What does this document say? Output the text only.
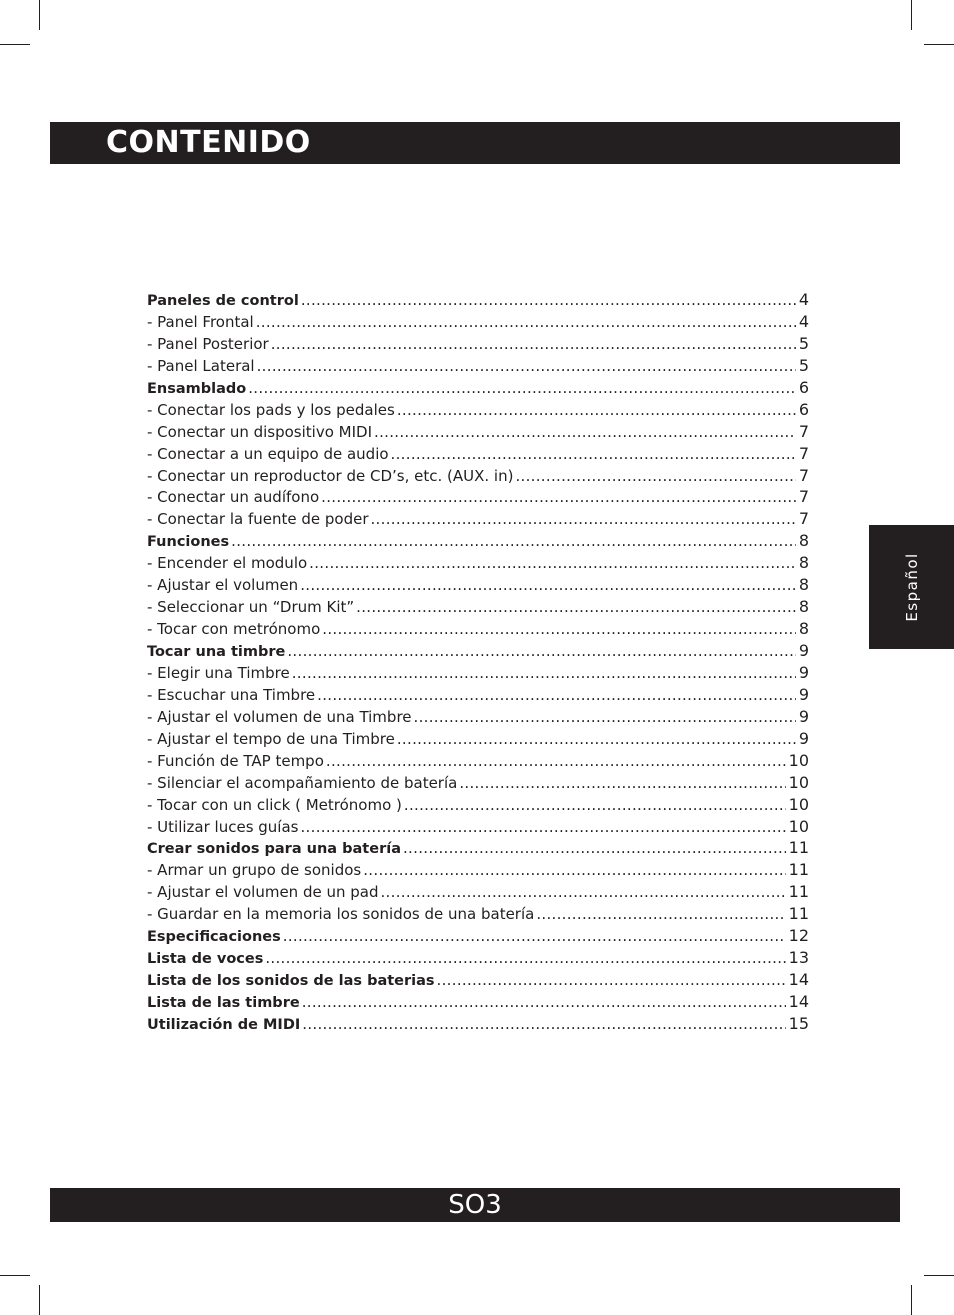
CONTENIDO
Español
Paneles de control .....	4
- Panel Frontal .....	4
- Panel Posterior .....	5
- Panel Lateral .....	5
Ensamblado .....	6
- Conectar los pads y los pedales .....	6
- Conectar un dispositivo MIDI .....	7
- Conectar a un equipo de audio .....	7
- Conectar un reproductor de CD’s, etc. (AUX. in) .....	7
- Conectar un audífono .....	7
- Conectar la fuente de poder .....	7
Funciones .....	8
- Encender el modulo .....	8
- Ajustar el volumen .....	8
- Seleccionar un “Drum Kit” .....	8
- Tocar con metrónomo .....	8
Tocar una timbre .....	9
- Elegir una Timbre .....	9
- Escuchar una Timbre .....	9
- Ajustar el volumen de una Timbre .....	9
- Ajustar el tempo de una Timbre .....	9
- Función de TAP tempo .....	10
- Silenciar el acompañamiento de batería .....	10
- Tocar con un click ( Metrónomo ) .....	10
- Utilizar luces guías .....	10
Crear sonidos para una batería .....	11
- Armar un grupo de sonidos .....	11
- Ajustar el volumen de un pad .....	11
- Guardar en la memoria los sonidos de una batería .....	11
Especificaciones .....	12
Lista de voces .....	13
Lista de los sonidos de las baterias .....	14
Lista de las timbre .....	14
Utilización de MIDI .....	15
SO3
